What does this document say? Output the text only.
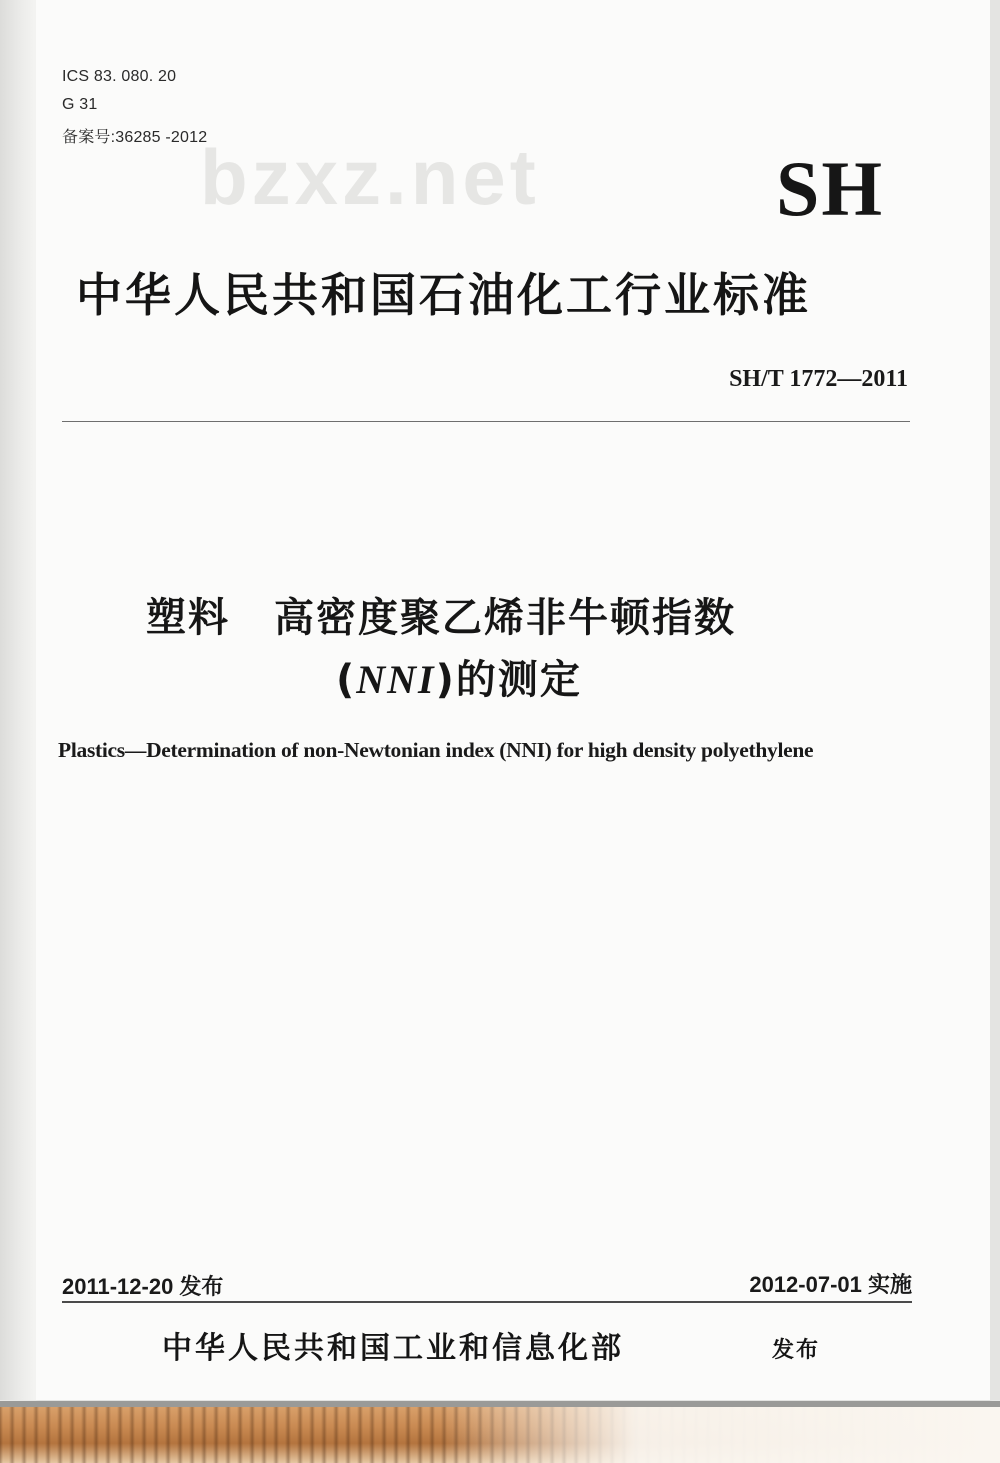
ICS 83. 080. 20
G 31
备案号:36285 -2012
bzxz.net	SH
中华人民共和国石油化工行业标准
SH/T 1772—2011
塑料 高密度聚乙烯非牛顿指数
(NNI)的测定
Plastics—Determination of non-Newtonian index (NNI) for high density polyethylene
2011-12-20 发布	2012-07-01 实施
中华人民共和国工业和信息化部	发布
